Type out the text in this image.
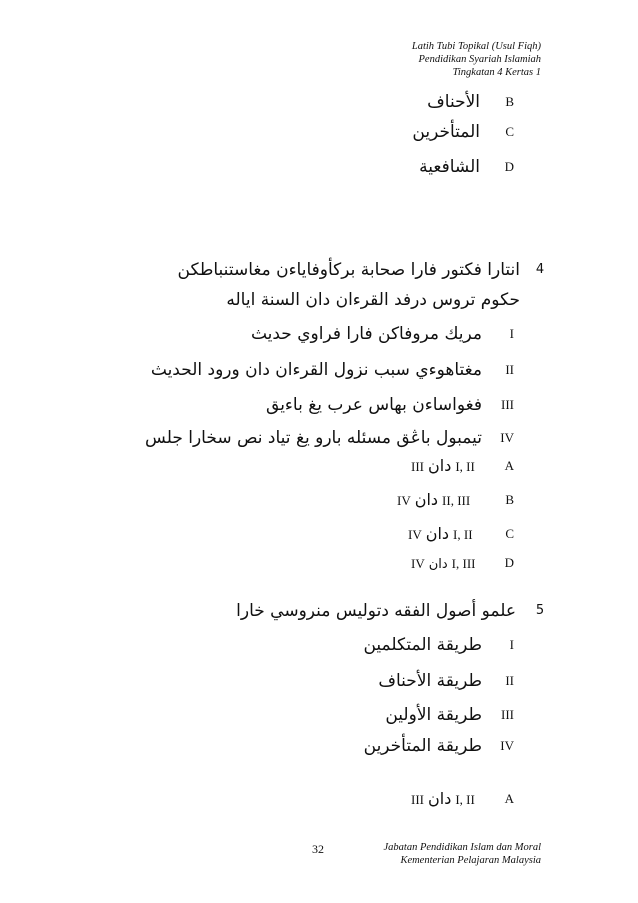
Latih Tubi Topikal (Usul Fiqh)
Pendidikan Syariah Islamiah
Tingkatan 4 Kertas 1
B
الأحناف
C
المتأخرين
D
الشافعية
4
انتارا فكتور فارا صحابة بركأوفاياءن مغاستنباطكن
حكوم تروس درفد القرءان دان السنة اياله
I
مريك مروفاكن فارا فراوي حديث
II
مغتاهوءي سبب نزول القرءان دان ورود الحديث
III
فغواساءن بهاس عرب يغ باءيق
IV
تيمبول باڠق مسئله بارو يغ تياد نص سخارا جلس
A
III دان I, II
B
IV دان II, III
C
IV دان I, II
D
IV دان I, III
5
علمو أصول الفقه دتوليس منروسي خارا
I
طريقة المتكلمين
II
طريقة الأحناف
III
طريقة الأولين
IV
طريقة المتأخرين
A
III دان I, II
32	Jabatan Pendidikan Islam dan Moral
Kementerian Pelajaran Malaysia
